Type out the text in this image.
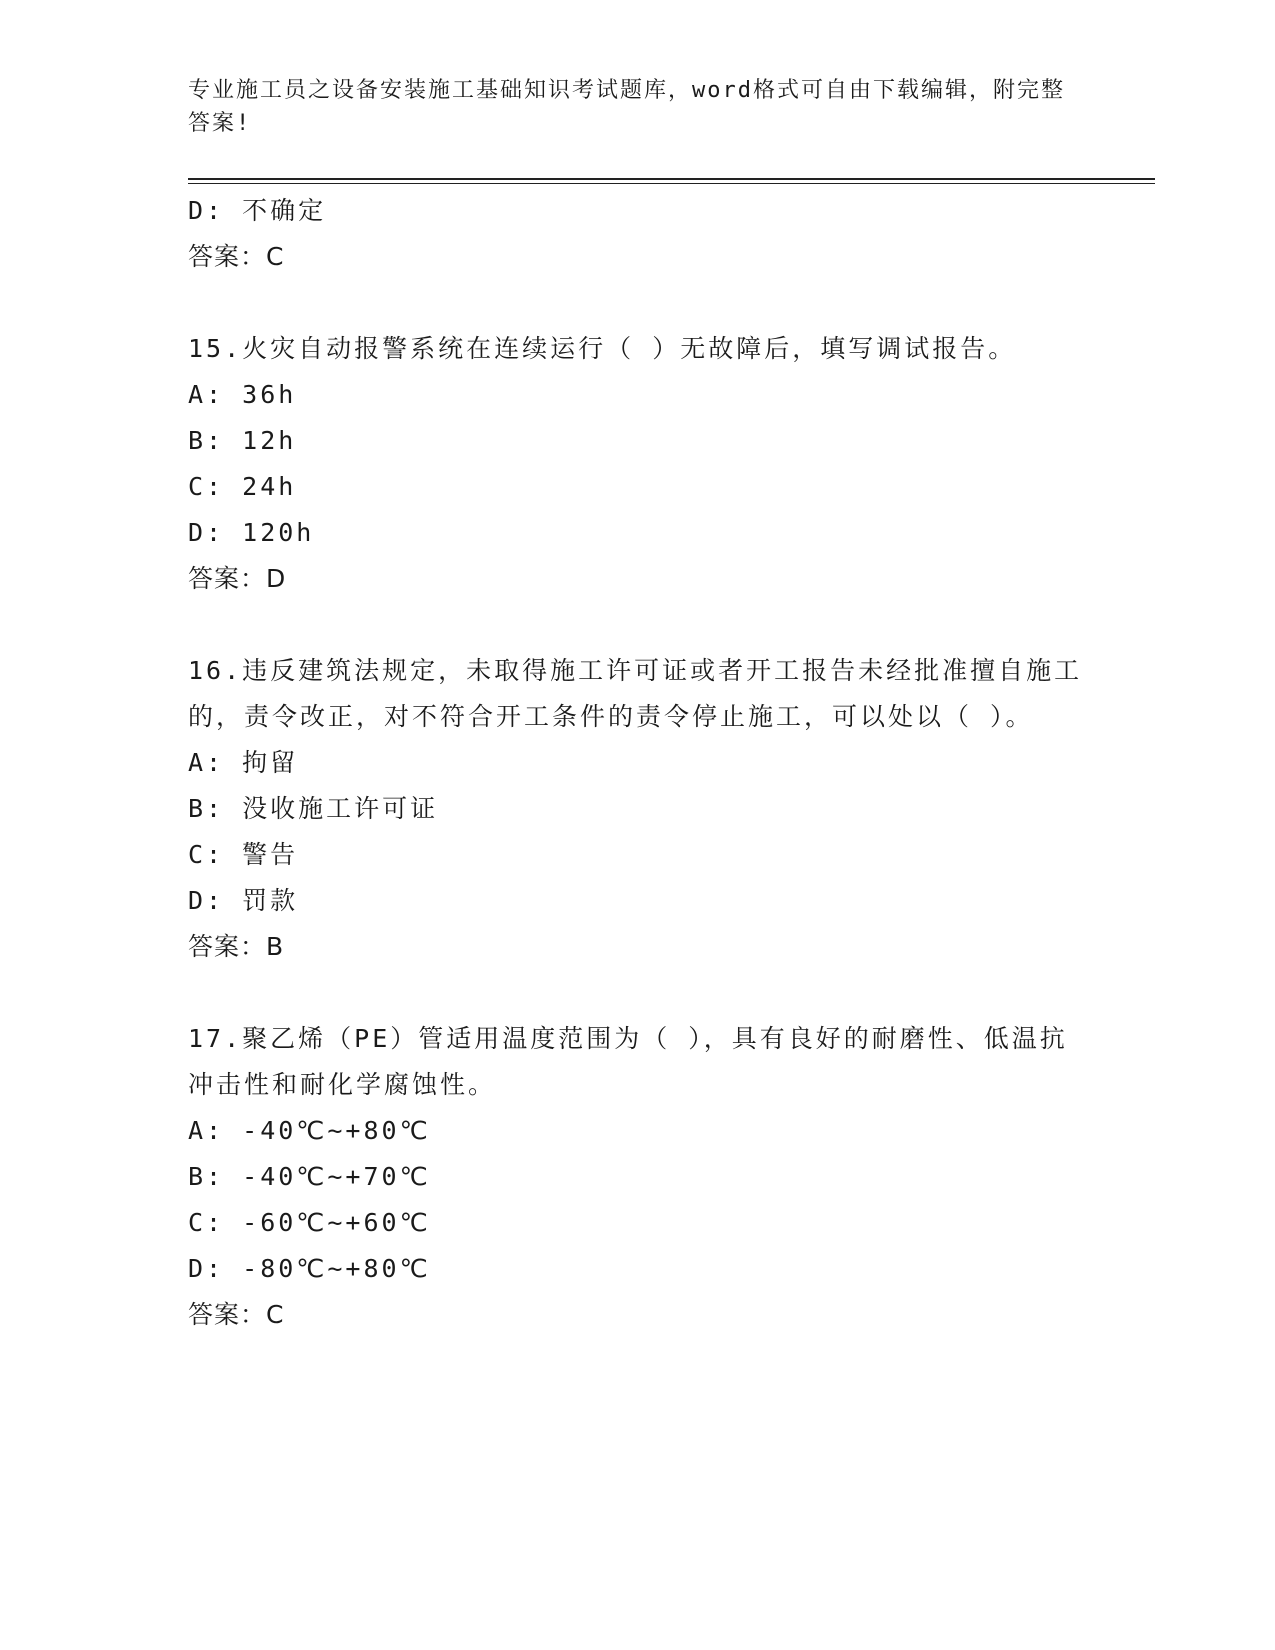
专业施工员之设备安装施工基础知识考试题库，word格式可自由下载编辑，附完整答案!
D: 不确定
答案：C
15.火灾自动报警系统在连续运行（ ）无故障后，填写调试报告。
A: 36h
B: 12h
C: 24h
D: 120h
答案：D
16.违反建筑法规定，未取得施工许可证或者开工报告未经批准擅自施工的，责令改正，对不符合开工条件的责令停止施工，可以处以（ ）。
A: 拘留
B: 没收施工许可证
C: 警告
D: 罚款
答案：B
17.聚乙烯（PE）管适用温度范围为（ ），具有良好的耐磨性、低温抗冲击性和耐化学腐蚀性。
A: -40℃~+80℃
B: -40℃~+70℃
C: -60℃~+60℃
D: -80℃~+80℃
答案：C
